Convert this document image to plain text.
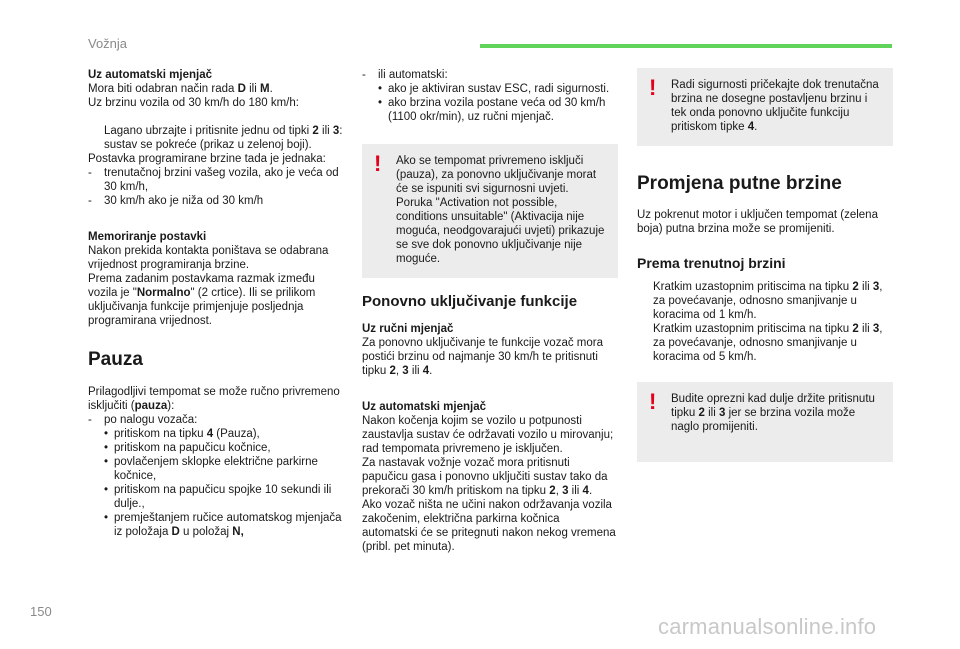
Vožnja

Uz automatski mjenjač

Mora biti odabran način rada D ili M.

Uz brzinu vozila od 30 km/h do 180 km/h:

Lagano ubrzajte i pritisnite jednu od tipki 2 ili 3: sustav se pokreće (prikaz u zelenoj boji).

Postavka programirane brzine tada je jednaka:

-	trenutačnoj brzini vašeg vozila, ako je veća od 30 km/h,
-	30 km/h ako je niža od 30 km/h

Memoriranje postavki

Nakon prekida kontakta poništava se odabrana vrijednost programiranja brzine.

Prema zadanim postavkama razmak između vozila je "Normalno" (2 crtice). Ili se prilikom uključivanja funkcije primjenjuje posljednja programirana vrijednost.

Pauza

Prilagodljivi tempomat se može ručno privremeno isključiti (pauza):

-	po nalogu vozača:
• pritiskom na tipku 4 (Pauza),
• pritiskom na papučicu kočnice,
• povlačenjem sklopke električne parkirne kočnice,
• pritiskom na papučicu spojke 10 sekundi ili dulje.,
• premještanjem ručice automatskog mjenjača iz položaja D u položaj N,
-	ili automatski:
• ako je aktiviran sustav ESC, radi sigurnosti.
• ako brzina vozila postane veća od 30 km/h (1100 okr/min), uz ručni mjenjač.
! Ako se tempomat privremeno isključi (pauza), za ponovno uključivanje morat će se ispuniti svi sigurnosni uvjeti. Poruka "Activation not possible, conditions unsuitable" (Aktivacija nije moguća, neodgovarajući uvjeti) prikazuje se sve dok ponovno uključivanje nije moguće.

Ponovno uključivanje funkcije

Uz ručni mjenjač

Za ponovno uključivanje te funkcije vozač mora postići brzinu od najmanje 30 km/h te pritisnuti tipku 2, 3 ili 4.

Uz automatski mjenjač

Nakon kočenja kojim se vozilo u potpunosti zaustavlja sustav će održavati vozilo u mirovanju; rad tempomata privremeno je isključen.

Za nastavak vožnje vozač mora pritisnuti papučicu gasa i ponovno uključiti sustav tako da prekorači 30 km/h pritiskom na tipku 2, 3 ili 4.

Ako vozač ništa ne učini nakon održavanja vozila zakočenim, električna parkirna kočnica automatski će se pritegnuti nakon nekog vremena (pribl. pet minuta).

! Radi sigurnosti pričekajte dok trenutačna brzina ne dosegne postavljenu brzinu i tek onda ponovno uključite funkciju pritiskom tipke 4.

Promjena putne brzine

Uz pokrenut motor i uključen tempomat (zelena boja) putna brzina može se promijeniti.

Prema trenutnoj brzini

Kratkim uzastopnim pritiscima na tipku 2 ili 3, za povećavanje, odnosno smanjivanje u koracima od 1 km/h.
Kratkim uzastopnim pritiscima na tipku 2 ili 3, za povećavanje, odnosno smanjivanje u koracima od 5 km/h.
! Budite oprezni kad dulje držite pritisnutu tipku 2 ili 3 jer se brzina vozila može naglo promijeniti.

150
carmanualsonline.info
